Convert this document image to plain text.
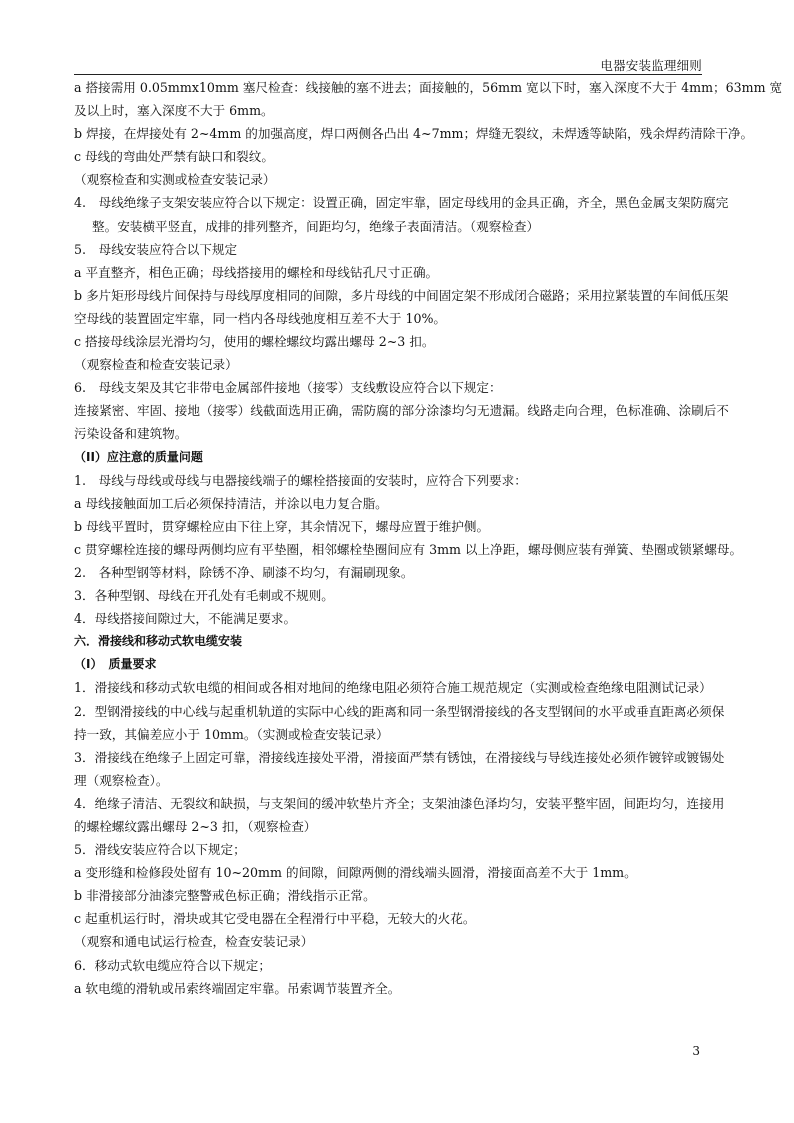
电器安装监理细则
a 搭接需用 0.05mmx10mm 塞尺检查：线接触的塞不进去；面接触的，56mm 宽以下时，塞入深度不大于 4mm；63mm 宽
及以上时，塞入深度不大于 6mm。
b 焊接，在焊接处有 2~4mm 的加强高度，焊口两侧各凸出 4~7mm；焊缝无裂纹，未焊透等缺陷，残余焊药清除干净。
c 母线的弯曲处严禁有缺口和裂纹。
（观察检查和实测或检查安装记录）
4.　母线绝缘子支架安装应符合以下规定：设置正确，固定牢靠，固定母线用的金具正确，齐全，黑色金属支架防腐完
整。安装横平竖直，成排的排列整齐，间距均匀，绝缘子表面清洁。（观察检查）
5.　母线安装应符合以下规定
a 平直整齐，相色正确；母线搭接用的螺栓和母线钻孔尺寸正确。
b 多片矩形母线片间保持与母线厚度相同的间隙，多片母线的中间固定架不形成闭合磁路；采用拉紧装置的车间低压架
空母线的装置固定牢靠，同一档内各母线弛度相互差不大于 10%。
c 搭接母线涂层光滑均匀，使用的螺栓螺纹均露出螺母 2~3 扣。
（观察检查和检查安装记录）
6.　母线支架及其它非带电金属部件接地（接零）支线敷设应符合以下规定：
连接紧密、牢固、接地（接零）线截面选用正确，需防腐的部分涂漆均匀无遗漏。线路走向合理，色标准确、涂刷后不
污染设备和建筑物。
（II）应注意的质量问题
1.　母线与母线或母线与电器接线端子的螺栓搭接面的安装时，应符合下列要求：
a 母线接触面加工后必须保持清洁，并涂以电力复合脂。
b 母线平置时，贯穿螺栓应由下往上穿，其余情况下，螺母应置于维护侧。
c 贯穿螺栓连接的螺母两侧均应有平垫圈，相邻螺栓垫圈间应有 3mm 以上净距，螺母侧应装有弹簧、垫圈或锁紧螺母。
2.　各种型钢等材料，除锈不净、刷漆不均匀，有漏刷现象。
3．各种型钢、母线在开孔处有毛刺或不规则。
4．母线搭接间隙过大，不能满足要求。
六．滑接线和移动式软电缆安装
（I）　质量要求
1．滑接线和移动式软电缆的相间或各相对地间的绝缘电阻必须符合施工规范规定（实测或检查绝缘电阻测试记录）
2．型钢滑接线的中心线与起重机轨道的实际中心线的距离和同一条型钢滑接线的各支型钢间的水平或垂直距离必须保
持一致，其偏差应小于 10mm。（实测或检查安装记录）
3．滑接线在绝缘子上固定可靠，滑接线连接处平滑，滑接面严禁有锈蚀，在滑接线与导线连接处必须作镀锌或镀锡处
理（观察检查）。
4．绝缘子清洁、无裂纹和缺损，与支架间的缓冲软垫片齐全；支架油漆色泽均匀，安装平整牢固，间距均匀，连接用
的螺栓螺纹露出螺母 2~3 扣，（观察检查）
5．滑线安装应符合以下规定；
a 变形缝和检修段处留有 10~20mm 的间隙，间隙两侧的滑线端头圆滑，滑接面高差不大于 1mm。
b 非滑接部分油漆完整警戒色标正确；滑线指示正常。
c 起重机运行时，滑块或其它受电器在全程滑行中平稳，无较大的火花。
（观察和通电试运行检查，检查安装记录）
6．移动式软电缆应符合以下规定；
a 软电缆的滑轨或吊索终端固定牢靠。吊索调节装置齐全。
3
